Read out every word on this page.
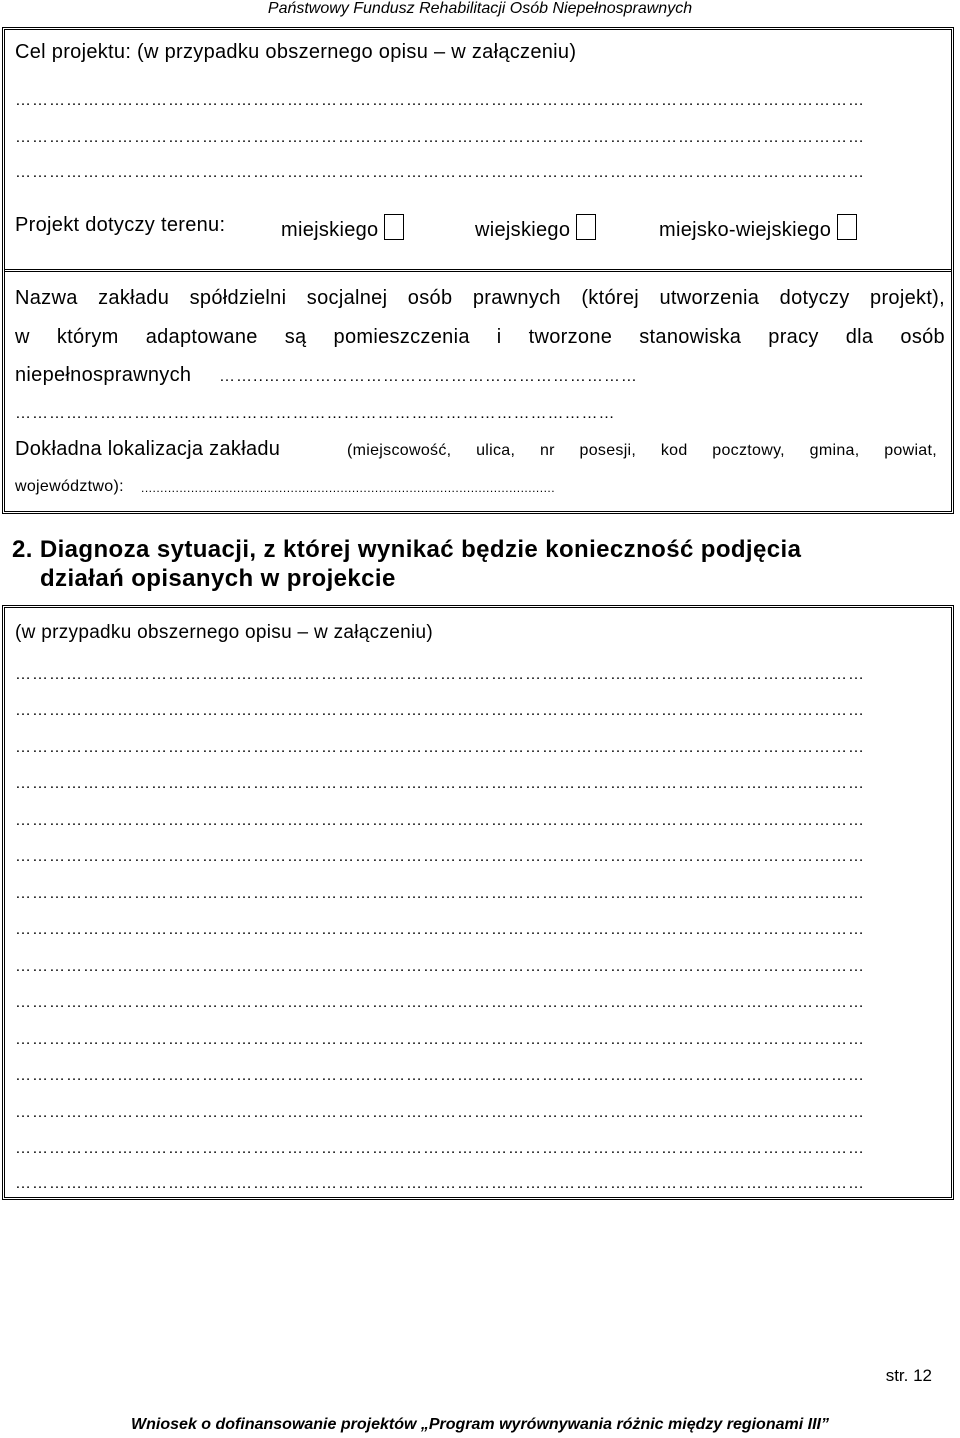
Państwowy Fundusz Rehabilitacji Osób Niepełnosprawnych
Cel projektu: (w przypadku obszernego opisu – w załączeniu)
……………………………………………………………………………………………………………………………………
……………………………………………………………………………………………………………………………………
……………………………………………………………………………………………………………………………………
Projekt dotyczy terenu:	miejskiego	wiejskiego	miejsko-wiejskiego
Nazwa zakładu spółdzielni socjalnej osób prawnych (której utworzenia dotyczy projekt),
w którym adaptowane są pomieszczenia i tworzone stanowiska pracy dla osób
niepełnosprawnych ……..…………………………………………………………
……………………….……………………………………………………………………
Dokładna lokalizacja zakładu	(miejscowość, ulica, nr posesji, kod pocztowy, gmina, powiat,
województwo): ............................................................................................................
2. Diagnoza sytuacji, z której wynikać będzie konieczność podjęcia
działań opisanych w projekcie
(w przypadku obszernego opisu – w załączeniu)
……………………………………………………………………………………………………………………………………
……………………………………………………………………………………………………………………………………
……………………………………………………………………………………………………………………………………
……………………………………………………………………………………………………………………………………
……………………………………………………………………………………………………………………………………
……………………………………………………………………………………………………………………………………
……………………………………………………………………………………………………………………………………
……………………………………………………………………………………………………………………………………
……………………………………………………………………………………………………………………………………
……………………………………………………………………………………………………………………………………
……………………………………………………………………………………………………………………………………
……………………………………………………………………………………………………………………………………
……………………………………………………………………………………………………………………………………
……………………………………………………………………………………………………………………………………
……………………………………………………………………………………………………………………………………
str. 12
Wniosek o dofinansowanie projektów „Program wyrównywania różnic między regionami III”
